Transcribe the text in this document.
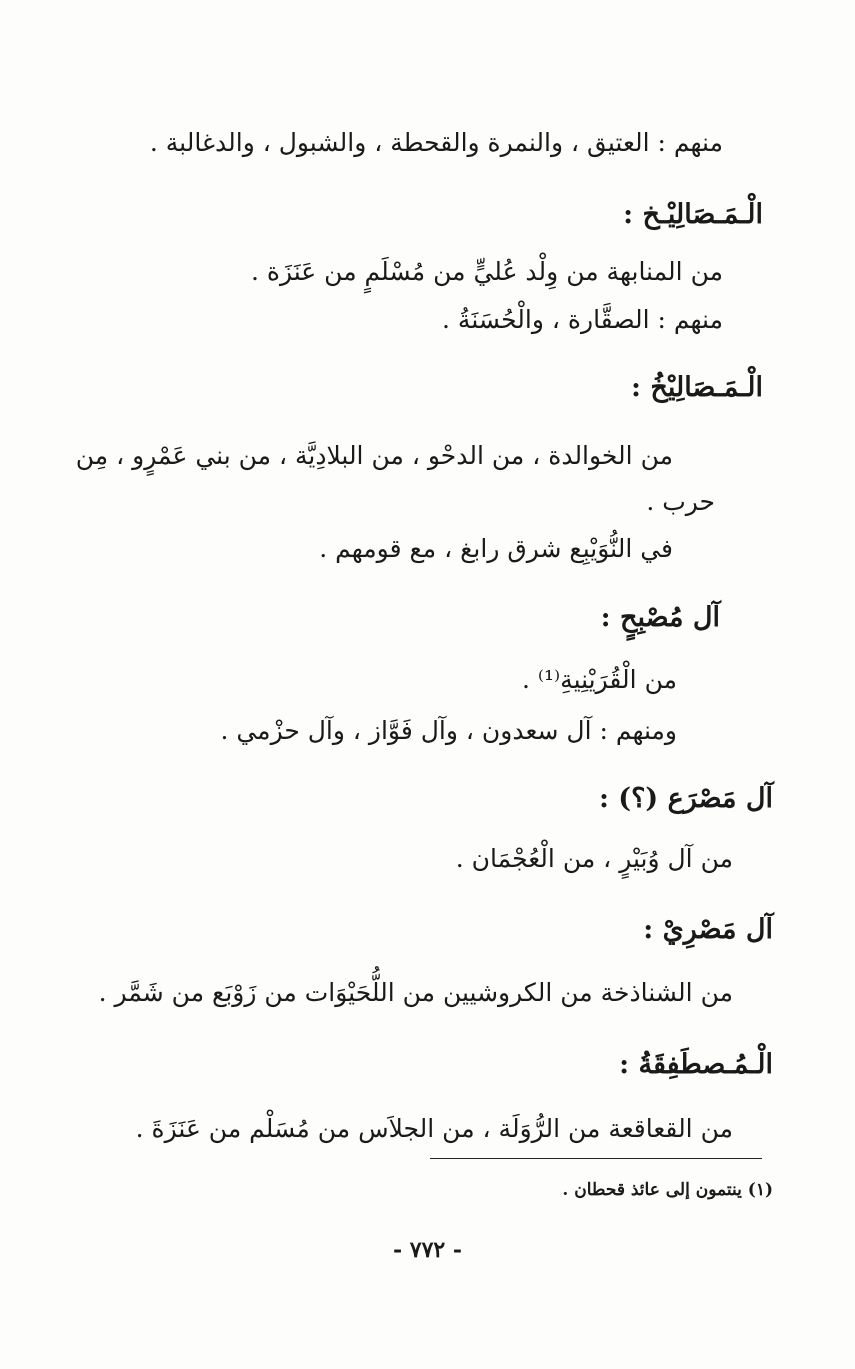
منهم : العتيق ، والنمرة والقحطة ، والشبول ، والدغالبة .
الْـمَـصَالِيْـخ :
من المنابهة من وِلْد عُليٍّ من مُسْلَمٍ من عَنَزَة .
منهم : الصقَّارة ، والْحُسَنَةُ .
الْـمَـصَالِيْخُ :
من الخوالدة ، من الدحْو ، من البلادِيَّة ، من بني عَمْرٍو ، مِن
حرب .
في النُّوَيْبِع شرق رابغ ، مع قومهم .
آل مُصْبِحٍ :
من الْقُرَيْنِيةِ⁽¹⁾ .
ومنهم : آل سعدون ، وآل فَوَّاز ، وآل حزْمي .
آل مَصْرَع (؟) :
من آل وُبَيْرٍ ، من الْعُجْمَان .
آل مَصْرِيْ :
من الشناذخة من الكروشيين من اللُّحَيْوَات من زَوْبَع من شَمَّر .
الْـمُـصطَفِقَةُ :
من القعاقعة من الرُّوَلَة ، من الجلاَس من مُسَلْم من عَنَزَةَ .
(١) ينتمون إلى عائذ قحطان .
- ٧٧٢ -
